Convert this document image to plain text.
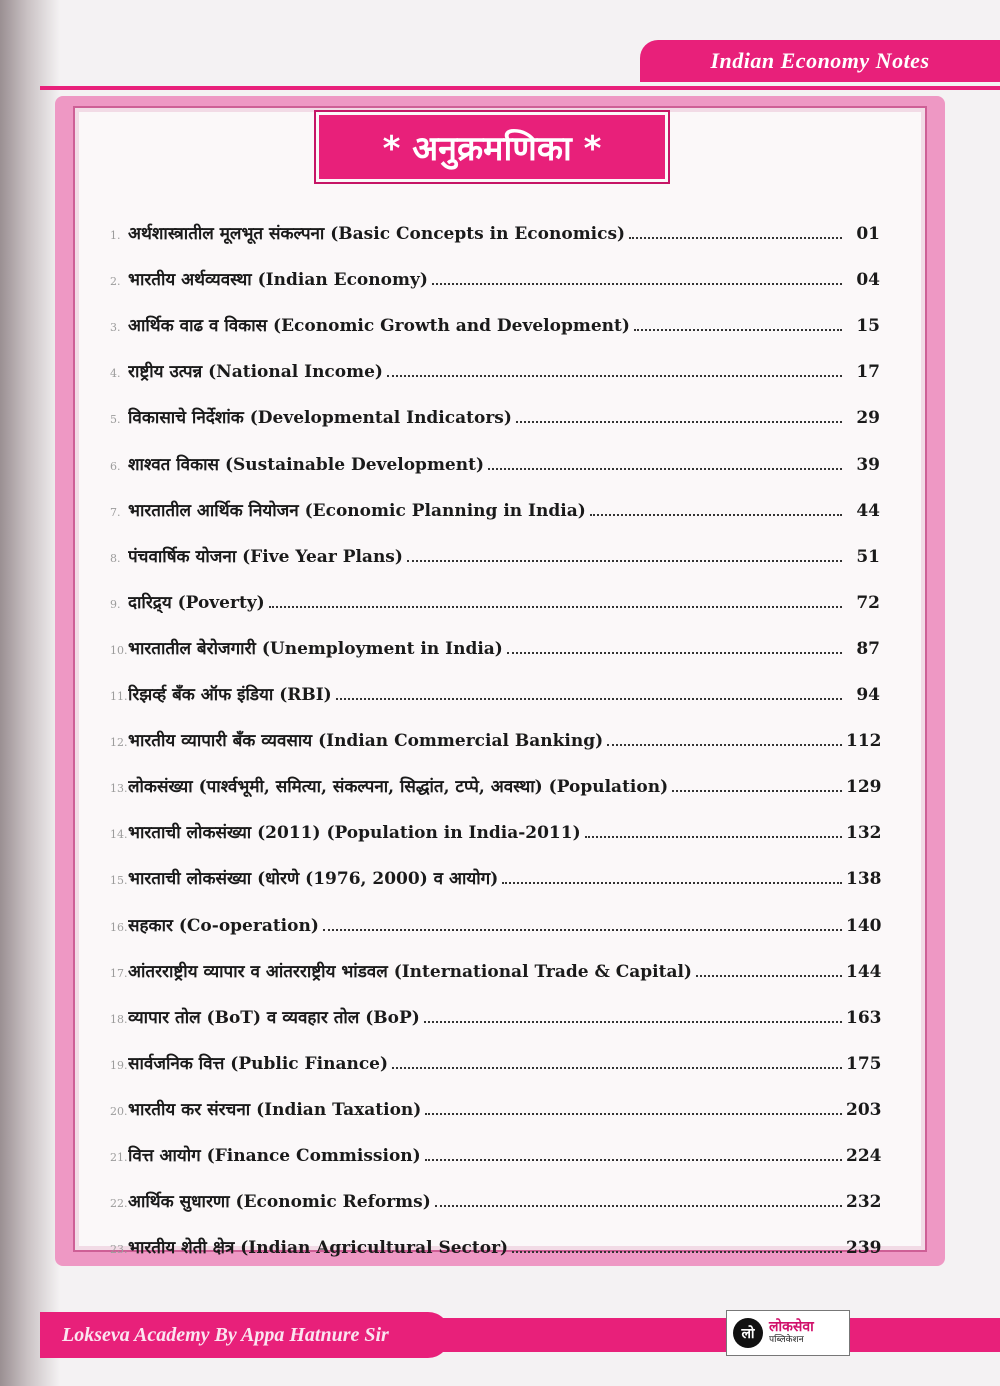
Indian Economy Notes
* अनुक्रमणिका *
1. अर्थशास्त्रातील मूलभूत संकल्पना (Basic Concepts in Economics)	01
2. भारतीय अर्थव्यवस्था (Indian Economy)	04
3. आर्थिक वाढ व विकास (Economic Growth and Development)	15
4. राष्ट्रीय उत्पन्न (National Income)	17
5. विकासाचे निर्देशांक (Developmental Indicators)	29
6. शाश्वत विकास (Sustainable Development)	39
7. भारतातील आर्थिक नियोजन (Economic Planning in India)	44
8. पंचवार्षिक योजना (Five Year Plans)	51
9. दारिद्र्य (Poverty)	72
10. भारतातील बेरोजगारी (Unemployment in India)	87
11. रिझर्व्ह बँक ऑफ इंडिया (RBI)	94
12. भारतीय व्यापारी बँक व्यवसाय (Indian Commercial Banking)	112
13. लोकसंख्या (पार्श्वभूमी, समित्या, संकल्पना, सिद्धांत, टप्पे, अवस्था) (Population)	129
14. भारताची लोकसंख्या (2011) (Population in India-2011)	132
15. भारताची लोकसंख्या (धोरणे (1976, 2000) व आयोग)	138
16. सहकार (Co-operation)	140
17. आंतरराष्ट्रीय व्यापार व आंतरराष्ट्रीय भांडवल (International Trade & Capital)	144
18. व्यापार तोल (BoT) व व्यवहार तोल (BoP)	163
19. सार्वजनिक वित्त (Public Finance)	175
20. भारतीय कर संरचना (Indian Taxation)	203
21. वित्त आयोग (Finance Commission)	224
22. आर्थिक सुधारणा (Economic Reforms)	232
23. भारतीय शेती क्षेत्र (Indian Agricultural Sector)	239
Lokseva Academy By Appa Hatnure Sir	लो	लोकसेवा
पब्लिकेशन
